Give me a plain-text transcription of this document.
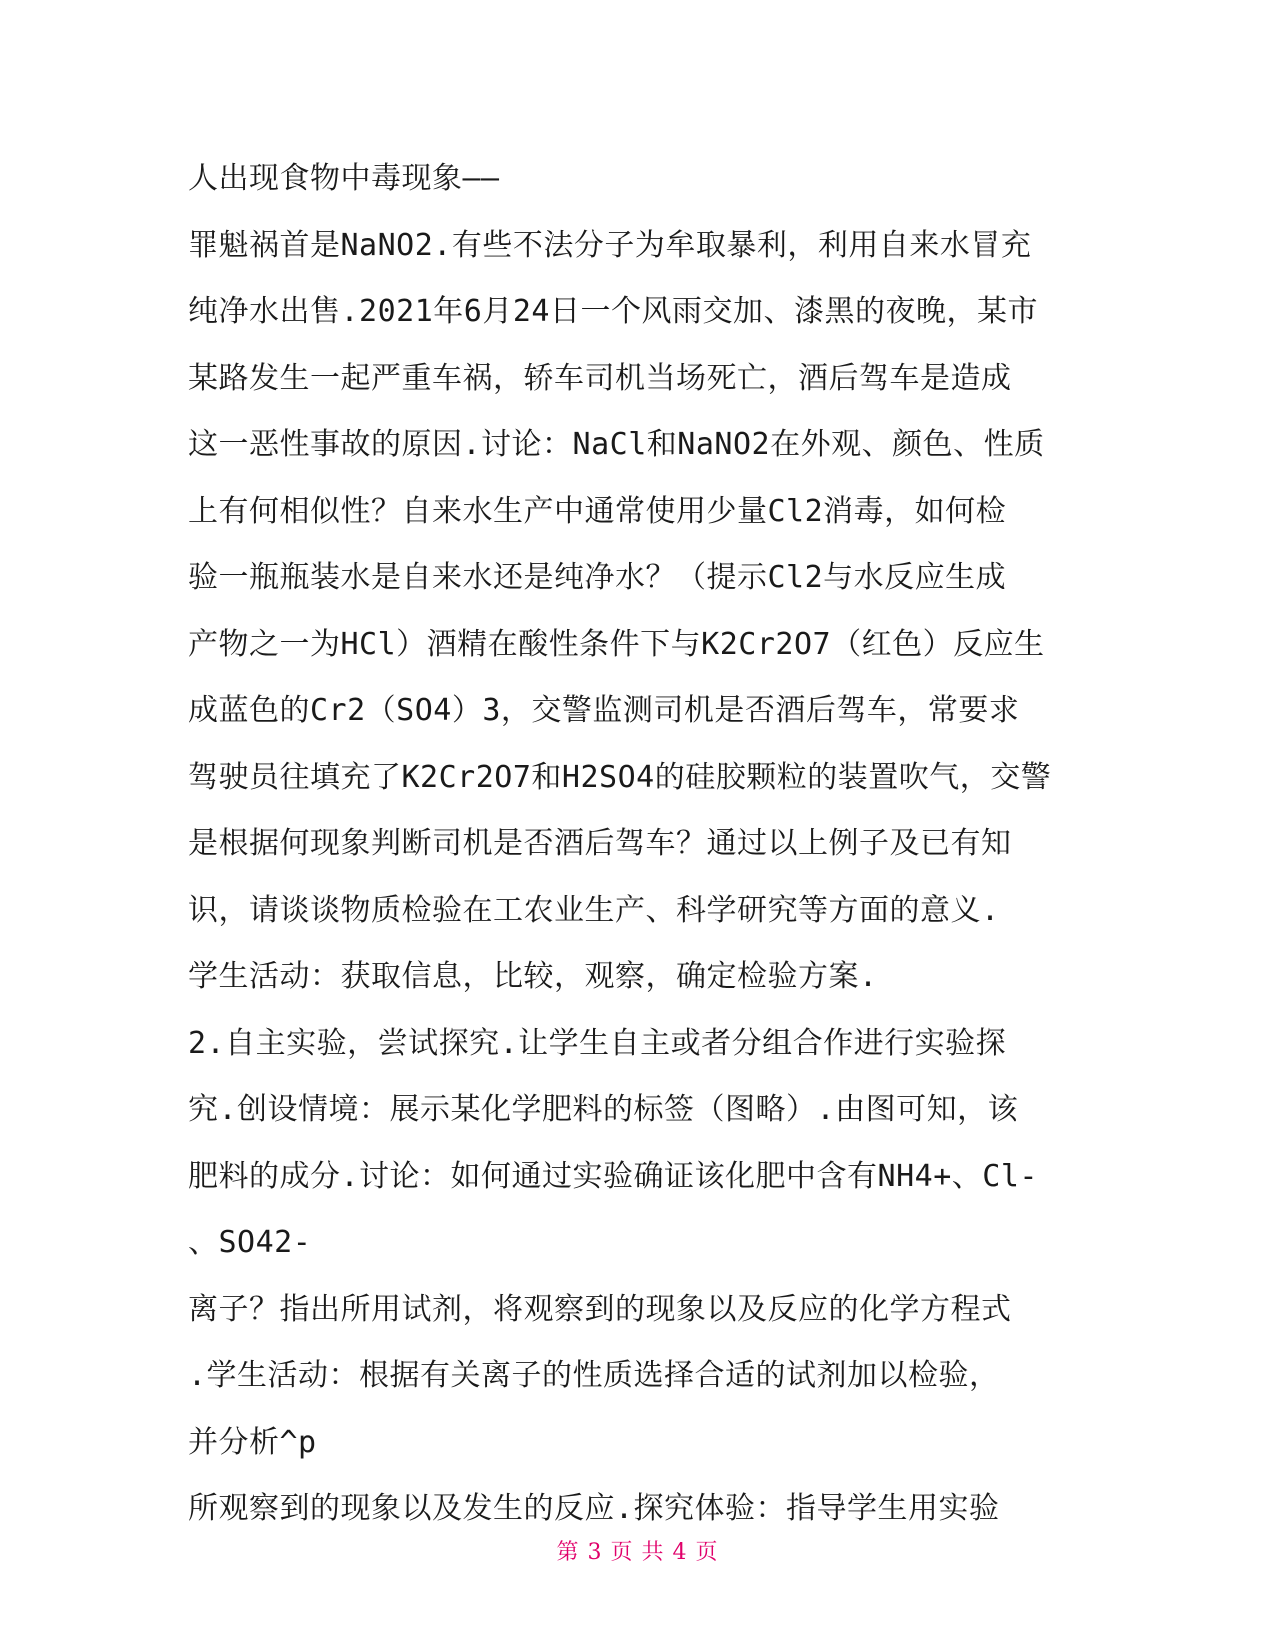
人出现食物中毒现象——
罪魁祸首是NaNO2.有些不法分子为牟取暴利，利用自来水冒充
纯净水出售.2021年6月24日一个风雨交加、漆黑的夜晚，某市
某路发生一起严重车祸，轿车司机当场死亡，酒后驾车是造成
这一恶性事故的原因.讨论：NaCl和NaNO2在外观、颜色、性质
上有何相似性？自来水生产中通常使用少量Cl2消毒，如何检
验一瓶瓶装水是自来水还是纯净水？（提示Cl2与水反应生成
产物之一为HCl）酒精在酸性条件下与K2Cr2O7（红色）反应生
成蓝色的Cr2（SO4）3，交警监测司机是否酒后驾车，常要求
驾驶员往填充了K2Cr2O7和H2SO4的硅胶颗粒的装置吹气，交警
是根据何现象判断司机是否酒后驾车？通过以上例子及已有知
识，请谈谈物质检验在工农业生产、科学研究等方面的意义.
学生活动：获取信息，比较，观察，确定检验方案.
2.自主实验，尝试探究.让学生自主或者分组合作进行实验探
究.创设情境：展示某化学肥料的标签（图略）.由图可知，该
肥料的成分.讨论：如何通过实验确证该化肥中含有NH4+、Cl-
、SO42-
离子？指出所用试剂，将观察到的现象以及反应的化学方程式
.学生活动：根据有关离子的性质选择合适的试剂加以检验，
并分析^p
所观察到的现象以及发生的反应.探究体验：指导学生用实验
第 3 页 共 4 页
